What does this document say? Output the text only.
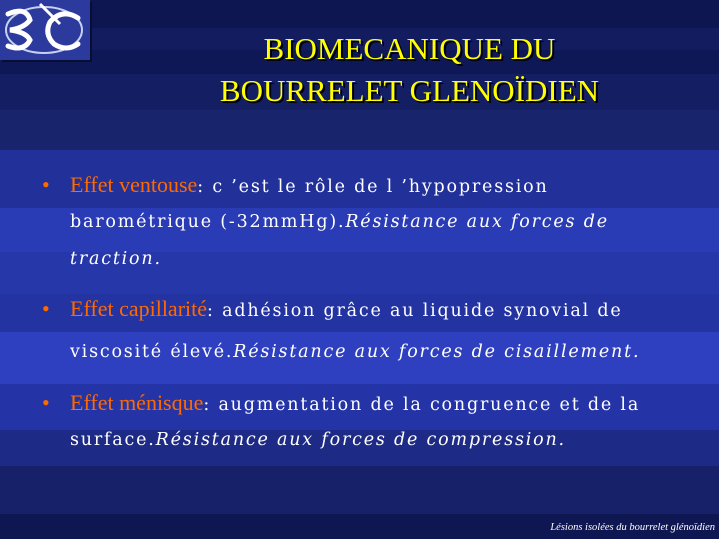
BIOMECANIQUE DU
BOURRELET GLENOÏDIEN
• Effet ventouse: c ’est le rôle de l ’hypopression
barométrique (-32mmHg).Résistance aux forces de
traction.
• Effet capillarité: adhésion grâce au liquide synovial de
viscosité élevé.Résistance aux forces de cisaillement.
• Effet ménisque: augmentation de la congruence et de la
surface.Résistance aux forces de compression.
Lésions isolées du bourrelet glénoïdien
